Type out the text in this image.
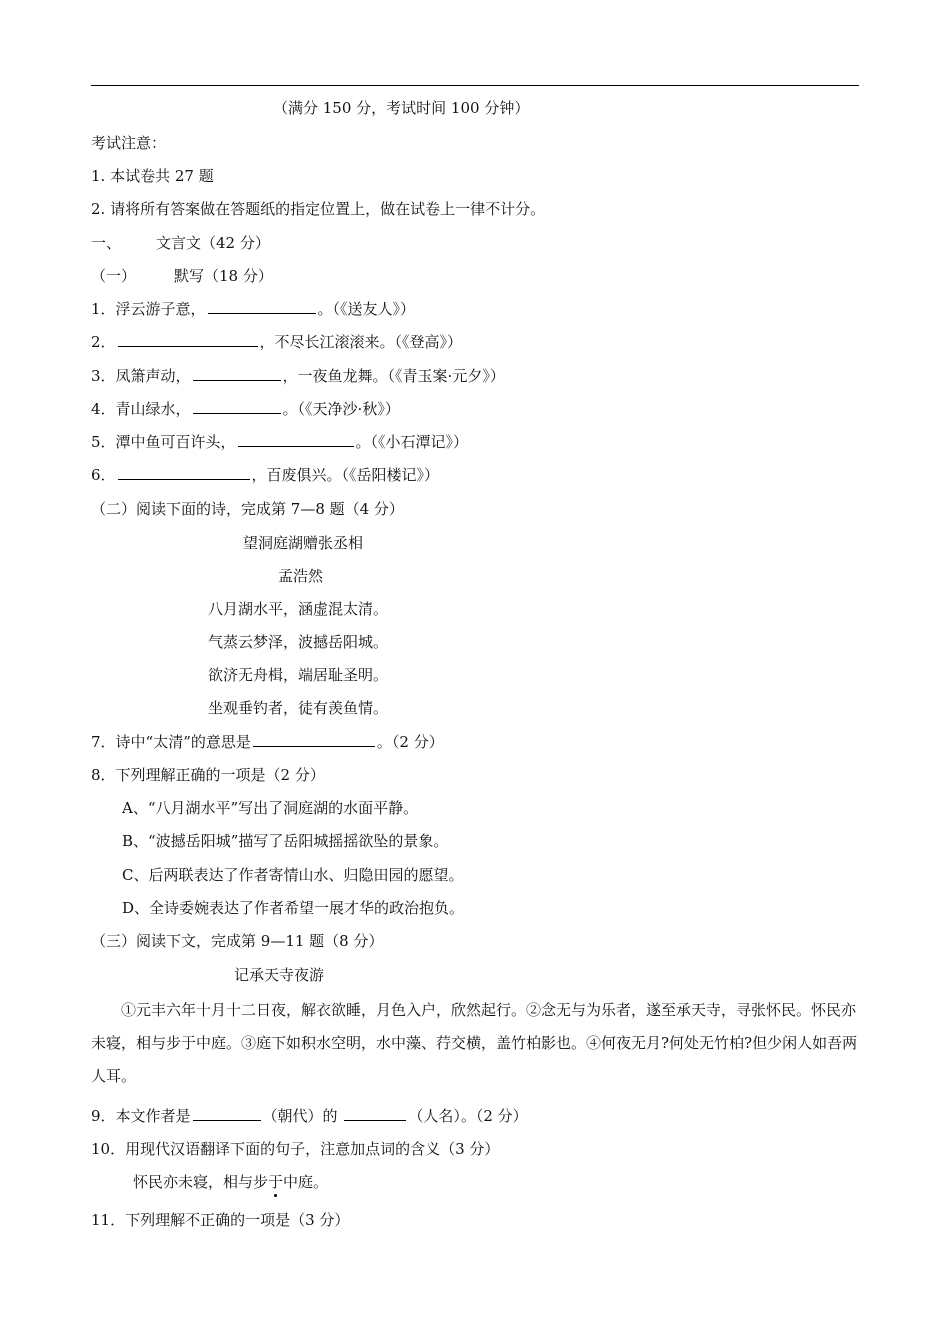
（满分 150 分，考试时间 100 分钟）
考试注意：
1. 本试卷共 27 题
2. 请将所有答案做在答题纸的指定位置上，做在试卷上一律不计分。
一、 文言文（42 分）
（一）	默写（18 分）
1．浮云游子意，	。（《送友人》）
2．	，不尽长江滚滚来。（《登高》）
3．凤箫声动，	，一夜鱼龙舞。（《青玉案·元夕》）
4．青山绿水，	。（《天净沙·秋》）
5．潭中鱼可百许头，	。（《小石潭记》）
6．	，百废俱兴。（《岳阳楼记》）
（二）阅读下面的诗，完成第 7—8 题（4 分）
望洞庭湖赠张丞相
孟浩然
八月湖水平，涵虚混太清。
气蒸云梦泽，波撼岳阳城。
欲济无舟楫，端居耻圣明。
坐观垂钓者，徒有羡鱼情。
7．诗中“太清”的意思是	。（2 分）
8．下列理解正确的一项是（2 分）
A、“八月湖水平”写出了洞庭湖的水面平静。
B、“波撼岳阳城”描写了岳阳城摇摇欲坠的景象。
C、后两联表达了作者寄情山水、归隐田园的愿望。
D、全诗委婉表达了作者希望一展才华的政治抱负。
（三）阅读下文，完成第 9—11 题（8 分）
记承天寺夜游
①元丰六年十月十二日夜，解衣欲睡，月色入户，欣然起行。②念无与为乐者，遂至承天寺，寻张怀民。怀民亦未寝，相与步于中庭。③庭下如积水空明，水中藻、荇交横，盖竹柏影也。④何夜无月?何处无竹柏?但少闲人如吾两人耳。
9．本文作者是	（朝代）的	（人名）。（2 分）
10．用现代汉语翻译下面的句子，注意加点词的含义（3 分）
怀民亦未寝，相与步于中庭。
11．下列理解不正确的一项是（3 分）
